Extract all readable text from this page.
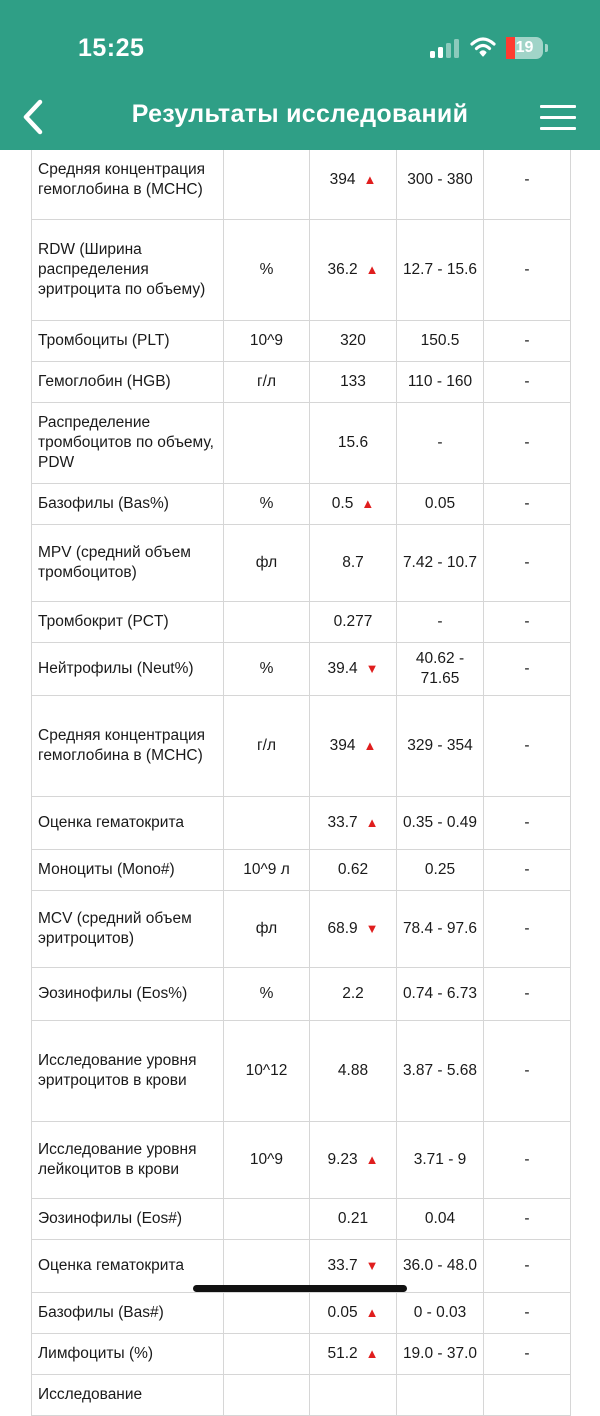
15:25	19
Результаты исследований
Средняя концентрация гемоглобина в (MCHC)		394 ▲	300 - 380	-
RDW (Ширина распределения эритроцита по объему)	%	36.2 ▲	12.7 - 15.6	-
Тромбоциты (PLT)	10^9	320	150.5	-
Гемоглобин (HGB)	г/л	133	110 - 160	-
Распределение тромбоцитов по объему, PDW		15.6	-	-
Базофилы (Bas%)	%	0.5 ▲	0.05	-
MPV (средний объем тромбоцитов)	фл	8.7	7.42 - 10.7	-
Тромбокрит (PCT)		0.277	-	-
Нейтрофилы (Neut%)	%	39.4 ▼	40.62 - 71.65	-
Средняя концентрация гемоглобина в (MCHC)	г/л	394 ▲	329 - 354	-
Оценка гематокрита		33.7 ▲	0.35 - 0.49	-
Моноциты (Mono#)	10^9 л	0.62	0.25	-
MCV (средний объем эритроцитов)	фл	68.9 ▼	78.4 - 97.6	-
Эозинофилы (Eos%)	%	2.2	0.74 - 6.73	-
Исследование уровня эритроцитов в крови	10^12	4.88	3.87 - 5.68	-
Исследование уровня лейкоцитов в крови	10^9	9.23 ▲	3.71 - 9	-
Эозинофилы (Eos#)		0.21	0.04	-
Оценка гематокрита		33.7 ▼	36.0 - 48.0	-
Базофилы (Bas#)		0.05 ▲	0 - 0.03	-
Лимфоциты (%)		51.2 ▲	19.0 - 37.0	-
Исследование				
